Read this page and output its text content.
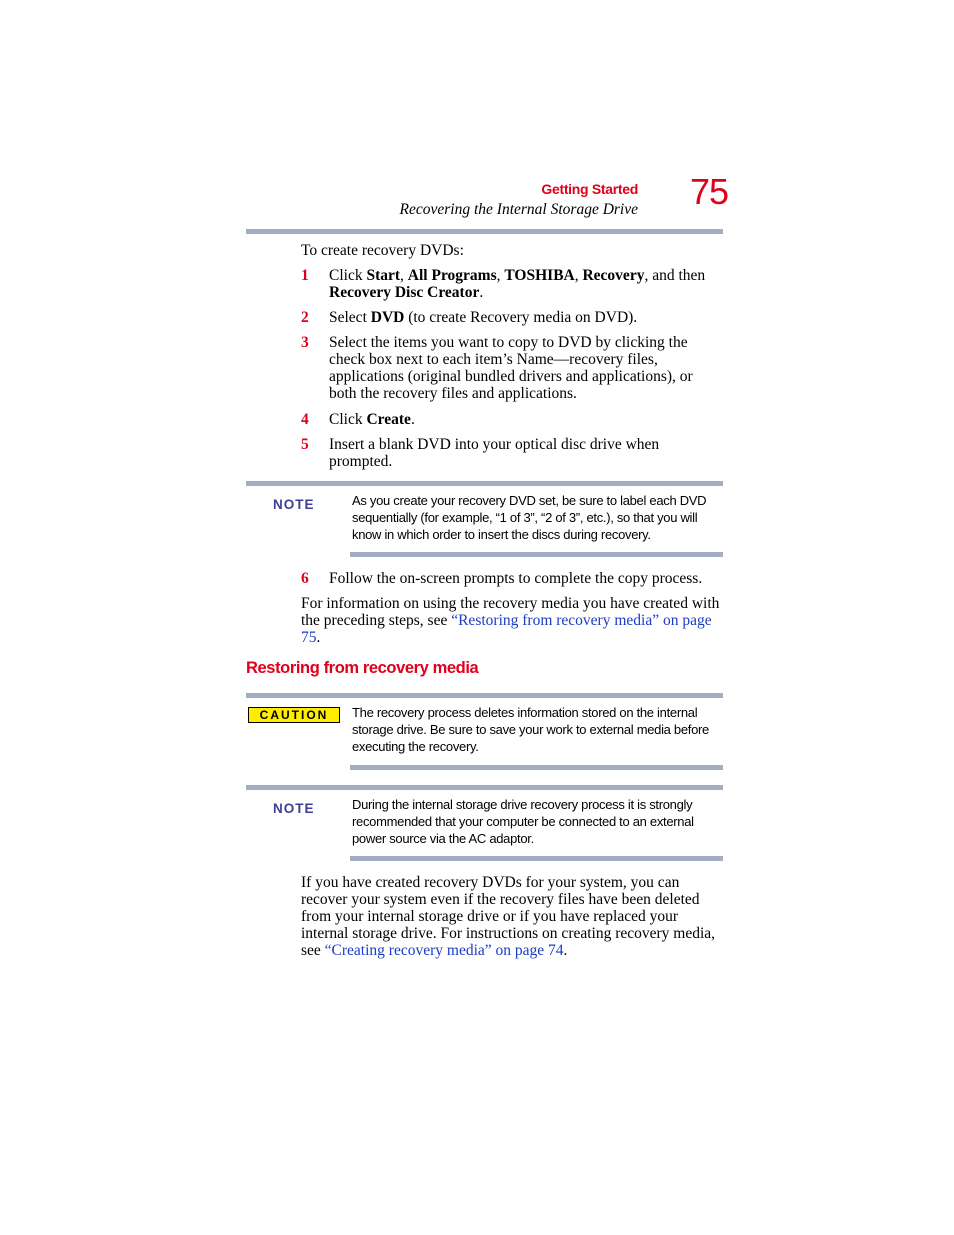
Getting Started
Recovering the Internal Storage Drive 75
To create recovery DVDs:
1 Click Start, All Programs, TOSHIBA, Recovery, and then Recovery Disc Creator.
2 Select DVD (to create Recovery media on DVD).
3 Select the items you want to copy to DVD by clicking the check box next to each item’s Name—recovery files, applications (original bundled drivers and applications), or both the recovery files and applications.
4 Click Create.
5 Insert a blank DVD into your optical disc drive when prompted.
NOTE	As you create your recovery DVD set, be sure to label each DVD sequentially (for example, “1 of 3”, “2 of 3”, etc.), so that you will know in which order to insert the discs during recovery.
6 Follow the on-screen prompts to complete the copy process.
For information on using the recovery media you have created with the preceding steps, see “Restoring from recovery media” on page 75.
Restoring from recovery media
CAUTION	The recovery process deletes information stored on the internal storage drive. Be sure to save your work to external media before executing the recovery.
NOTE	During the internal storage drive recovery process it is strongly recommended that your computer be connected to an external power source via the AC adaptor.
If you have created recovery DVDs for your system, you can recover your system even if the recovery files have been deleted from your internal storage drive or if you have replaced your internal storage drive. For instructions on creating recovery media, see “Creating recovery media” on page 74.
